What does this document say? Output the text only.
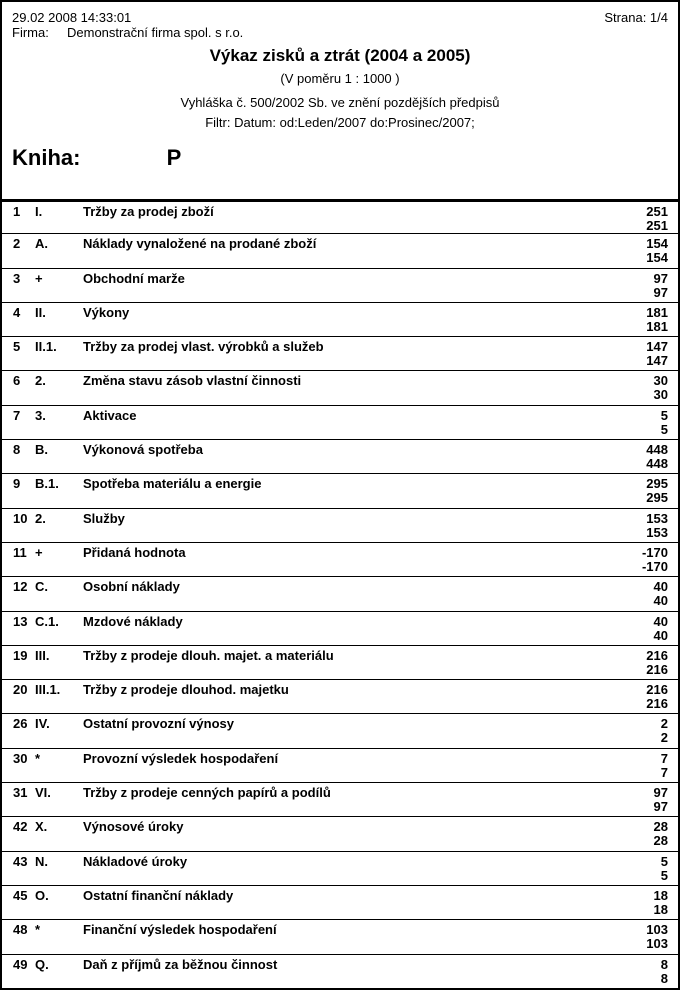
29.02 2008 14:33:01	Strana: 1/4
Firma:	Demonstrační firma spol. s r.o.
Výkaz zisků a ztrát (2004 a 2005)
(V poměru 1 : 1000 )
Vyhláška č. 500/2002 Sb. ve znění pozdějších předpisů
Filtr: Datum: od:Leden/2007 do:Prosinec/2007;
Kniha:	P
1	I.	Tržby za prodej zboží	251
251
2	A.	Náklady vynaložené na prodané zboží	154
154
3	+	Obchodní marže	97
97
4	II.	Výkony	181
181
5	II.1.	Tržby za prodej vlast. výrobků a služeb	147
147
6	2.	Změna stavu zásob vlastní činnosti	30
30
7	3.	Aktivace	5
5
8	B.	Výkonová spotřeba	448
448
9	B.1.	Spotřeba materiálu a energie	295
295
10 2.	Služby	153
153
11 +	Přidaná hodnota	-170
-170
12 C.	Osobní náklady	40
40
13 C.1.	Mzdové náklady	40
40
19 III.	Tržby z prodeje dlouh. majet. a materiálu	216
216
20 III.1.	Tržby z prodeje dlouhod. majetku	216
216
26 IV.	Ostatní provozní výnosy	2
2
30 *	Provozní výsledek hospodaření	7
7
31 VI.	Tržby z prodeje cenných papírů a podílů	97
97
42 X.	Výnosové úroky	28
28
43 N.	Nákladové úroky	5
5
45 O.	Ostatní finanční náklady	18
18
48 *	Finanční výsledek hospodaření	103
103
49 Q.	Daň z příjmů za běžnou činnost	8
8
